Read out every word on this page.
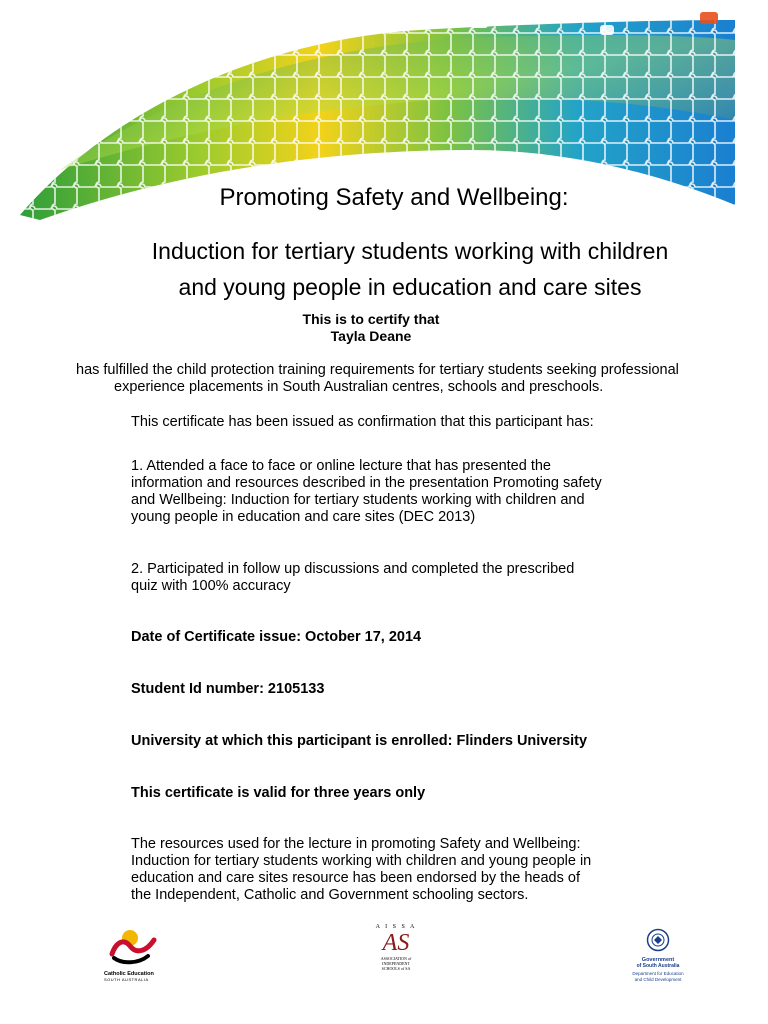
Promoting Safety and Wellbeing:
Induction for tertiary students working with children
and young people in education and care sites
This is to certify that
Tayla Deane
has fulfilled the child protection training requirements for tertiary students seeking professional
experience placements in South Australian centres, schools and preschools.
This certificate has been issued as confirmation that this participant has:
1. Attended a face to face or online lecture that has presented the
information and resources described in the presentation Promoting safety
and Wellbeing: Induction for tertiary students working with children and
young people in education and care sites (DEC 2013)
2. Participated in follow up discussions and completed the prescribed
quiz with 100% accuracy
Date of Certificate issue: October 17, 2014
Student Id number: 2105133
University at which this participant is enrolled: Flinders University
This certificate is valid for three years only
The resources used for the lecture in promoting Safety and Wellbeing:
Induction for tertiary students working with children and young people in
education and care sites resource has been endorsed by the heads of
the Independent, Catholic and Government schooling sectors.
Catholic Education
SOUTH AUSTRALIA
A I S S A
AS
ASSOCIATION of
INDEPENDENT
SCHOOLS of SA
Government
of South Australia
Department for Education
and Child Development
